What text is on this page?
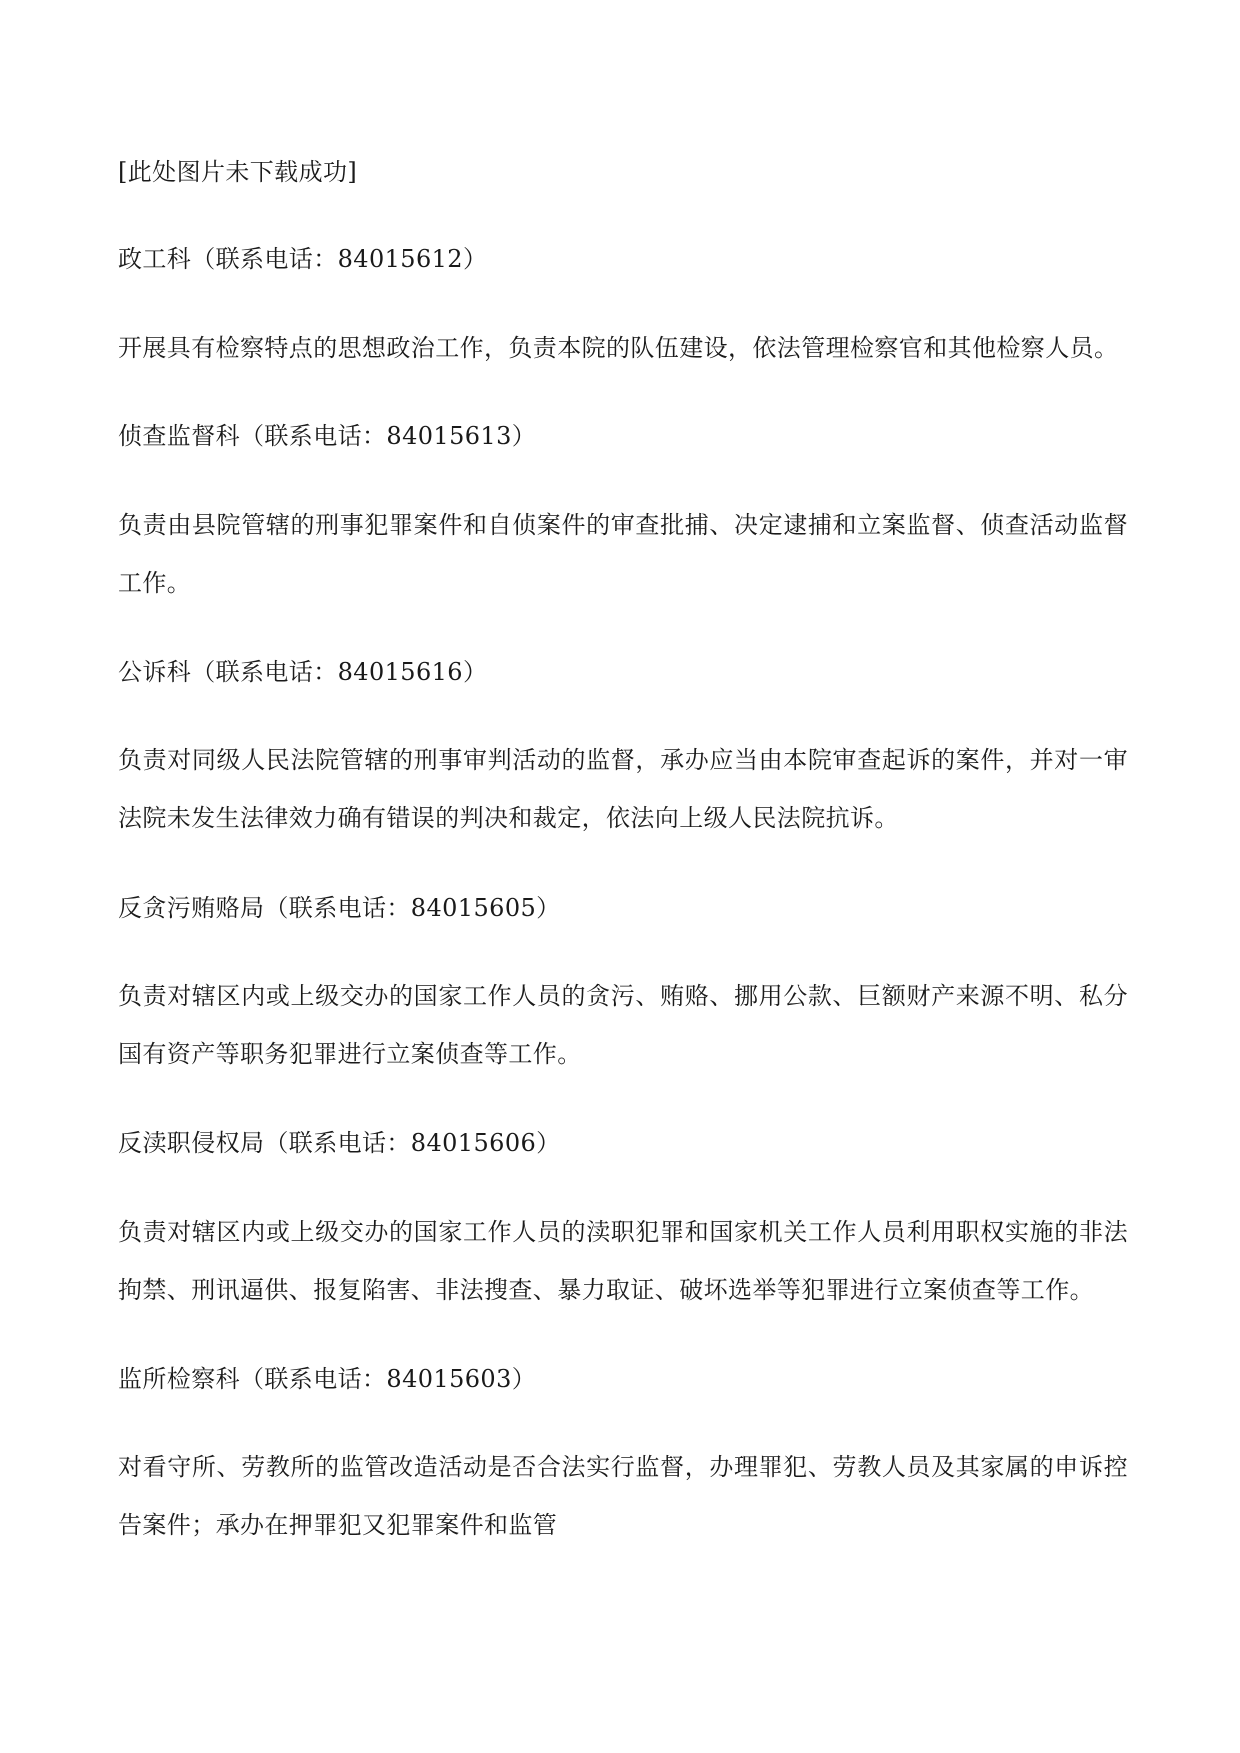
[此处图片未下载成功]
政工科（联系电话：84015612）
开展具有检察特点的思想政治工作，负责本院的队伍建设，依法管理检察官和其他检察人员。
侦查监督科（联系电话：84015613）
负责由县院管辖的刑事犯罪案件和自侦案件的审查批捕、决定逮捕和立案监督、侦查活动监督工作。
公诉科（联系电话：84015616）
负责对同级人民法院管辖的刑事审判活动的监督，承办应当由本院审查起诉的案件，并对一审法院未发生法律效力确有错误的判决和裁定，依法向上级人民法院抗诉。
反贪污贿赂局（联系电话：84015605）
负责对辖区内或上级交办的国家工作人员的贪污、贿赂、挪用公款、巨额财产来源不明、私分国有资产等职务犯罪进行立案侦查等工作。
反渎职侵权局（联系电话：84015606）
负责对辖区内或上级交办的国家工作人员的渎职犯罪和国家机关工作人员利用职权实施的非法拘禁、刑讯逼供、报复陷害、非法搜查、暴力取证、破坏选举等犯罪进行立案侦查等工作。
监所检察科（联系电话：84015603）
对看守所、劳教所的监管改造活动是否合法实行监督，办理罪犯、劳教人员及其家属的申诉控告案件；承办在押罪犯又犯罪案件和监管
